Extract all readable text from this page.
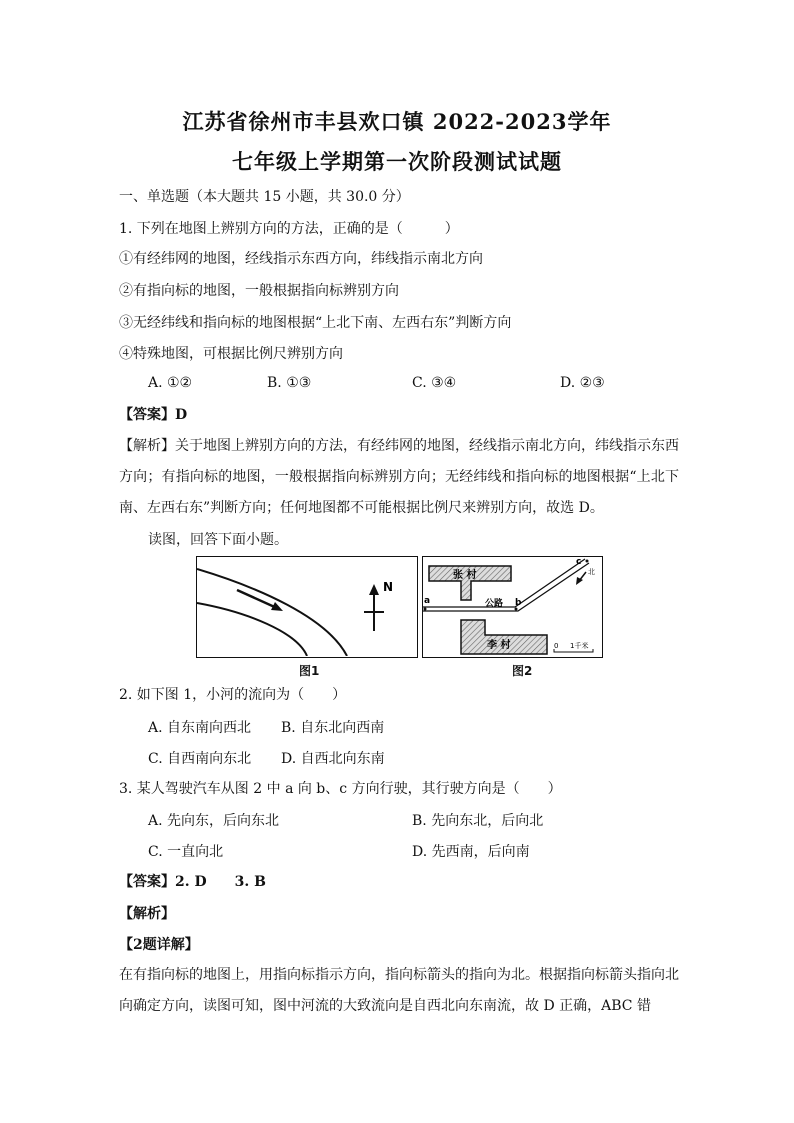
江苏省徐州市丰县欢口镇 2022-2023学年
七年级上学期第一次阶段测试试题
一、单选题（本大题共 15 小题，共 30.0 分）
1. 下列在地图上辨别方向的方法，正确的是（　　　）
①有经纬网的地图，经线指示东西方向，纬线指示南北方向
②有指向标的地图，一般根据指向标辨别方向
③无经纬线和指向标的地图根据“上北下南、左西右东”判断方向
④特殊地图，可根据比例尺辨别方向
A. ①②	B. ①③	C. ③④	D. ②③
【答案】D
【解析】关于地图上辨别方向的方法，有经纬网的地图，经线指示南北方向，纬线指示东西方向；有指向标的地图，一般根据指向标辨别方向；无经纬线和指向标的地图根据“上北下南、左西右东”判断方向；任何地图都不可能根据比例尺来辨别方向，故选 D。
读图，回答下面小题。
N
图1
张 村
a	b
公路
c
北
李 村	0 1千米
图2
2. 如下图 1，小河的流向为（　　）
A. 自东南向西北 B. 自东北向西南
C. 自西南向东北 D. 自西北向东南
3. 某人驾驶汽车从图 2 中 a 向 b、c 方向行驶，其行驶方向是（　　）
A. 先向东，后向东北	B. 先向东北，后向北
C. 一直向北	D. 先西南，后向南
【答案】2. D　　3. B
【解析】
【2题详解】
在有指向标的地图上，用指向标指示方向，指向标箭头的指向为北。根据指向标箭头指向北向确定方向，读图可知，图中河流的大致流向是自西北向东南流，故 D 正确，ABC 错
